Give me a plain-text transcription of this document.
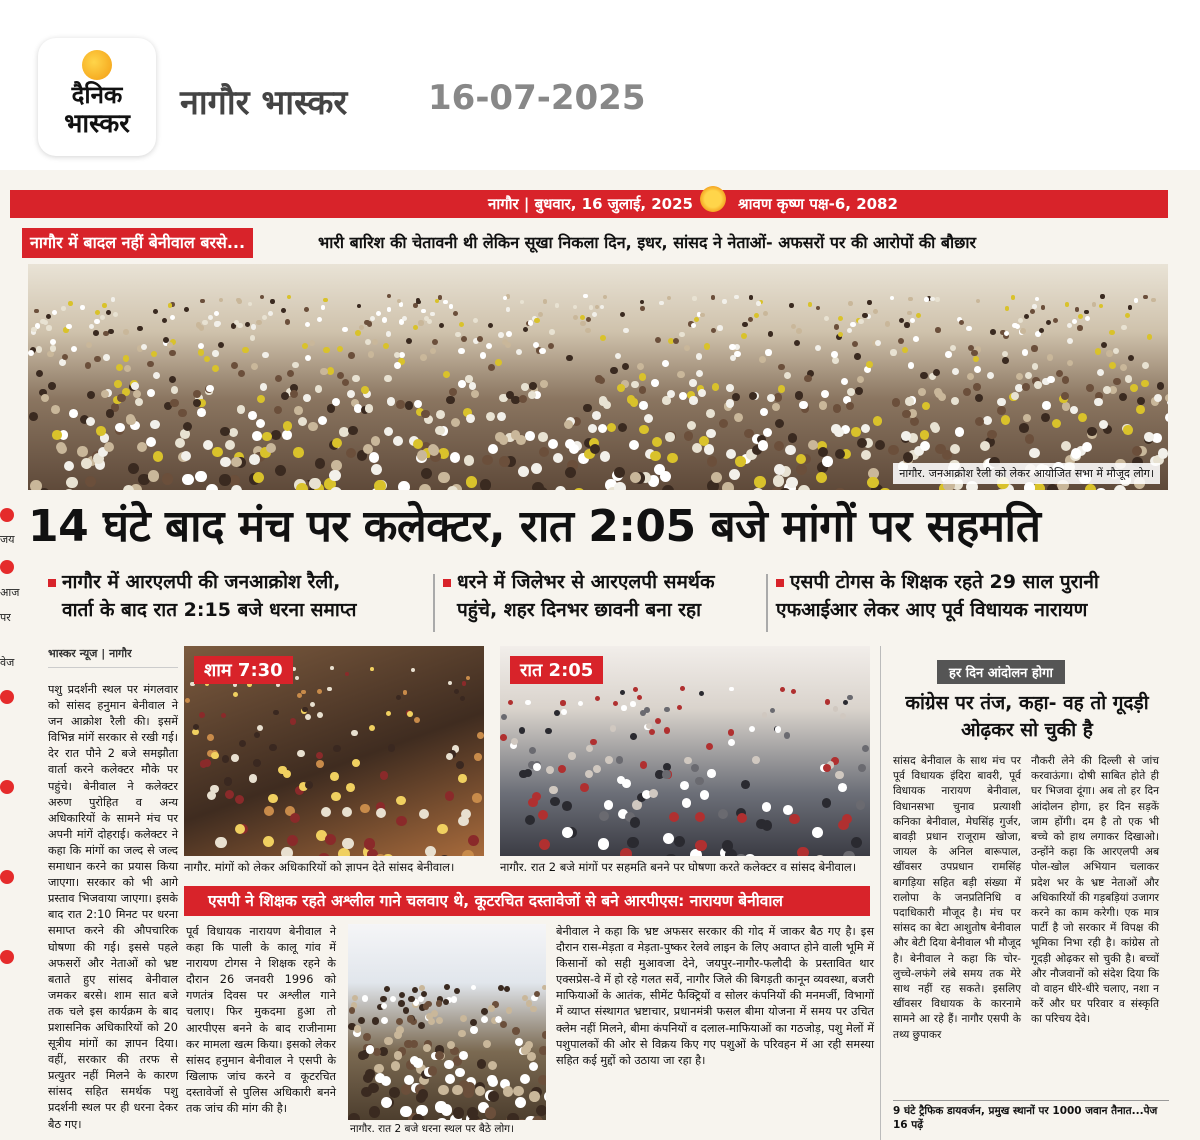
दैनिक
भास्कर
नागौर भास्कर 16-07-2025
जय
आज
पर
वेज
नागौर | बुधवार, 16 जुलाई, 2025	श्रावण कृष्ण पक्ष-6, 2082
नागौर में बादल नहीं बेनीवाल बरसे...	भारी बारिश की चेतावनी थी लेकिन सूखा निकला दिन, इधर, सांसद ने नेताओं- अफसरों पर की आरोपों की बौछार
नागौर. जनआक्रोश रैली को लेकर आयोजित सभा में मौजूद लोग।
14 घंटे बाद मंच पर कलेक्टर, रात 2:05 बजे मांगों पर सहमति
नागौर में आरएलपी की जनआक्रोश रैली,
वार्ता के बाद रात 2:15 बजे धरना समाप्त
धरने में जिलेभर से आरएलपी समर्थक
पहुंचे, शहर दिनभर छावनी बना रहा
एसपी टोगस के शिक्षक रहते 29 साल पुरानी
एफआईआर लेकर आए पूर्व विधायक नारायण
भास्कर न्यूज | नागौर
पशु प्रदर्शनी स्थल पर मंगलवार को सांसद हनुमान बेनीवाल ने जन आक्रोश रैली की। इसमें विभिन्न मांगें सरकार से रखी गई। देर रात पौने 2 बजे समझौता वार्ता करने कलेक्टर मौके पर पहुंचे। बेनीवाल ने कलेक्टर अरुण पुरोहित व अन्य अधिकारियों के सामने मंच पर अपनी मांगें दोहराई। कलेक्टर ने कहा कि मांगों का जल्द से जल्द समाधान करने का प्रयास किया जाएगा। सरकार को भी आगे प्रस्ताव भिजवाया जाएगा। इसके बाद रात 2:10 मिनट पर धरना समाप्त करने की औपचारिक घोषणा की गई। इससे पहले अफसरों और नेताओं को भ्रष्ट बताते हुए सांसद बेनीवाल जमकर बरसे। शाम सात बजे तक चले इस कार्यक्रम के बाद प्रशासनिक अधिकारियों को 20 सूत्रीय मांगों का ज्ञापन दिया। वहीं, सरकार की तरफ से प्रत्युतर नहीं मिलने के कारण सांसद सहित समर्थक पशु प्रदर्शनी स्थल पर ही धरना देकर बैठ गए।
शाम 7:30
नागौर. मांगों को लेकर अधिकारियों को ज्ञापन देते सांसद बेनीवाल।
रात 2:05
नागौर. रात 2 बजे मांगों पर सहमति बनने पर घोषणा करते कलेक्टर व सांसद बेनीवाल।
एसपी ने शिक्षक रहते अश्लील गाने चलवाए थे, कूटरचित दस्तावेजों से बने आरपीएस: नारायण बेनीवाल
पूर्व विधायक नारायण बेनीवाल ने कहा कि पाली के कालू गांव में नारायण टोगस ने शिक्षक रहने के दौरान 26 जनवरी 1996 को गणतंत्र दिवस पर अश्लील गाने चलाए। फिर मुकदमा हुआ तो आरपीएस बनने के बाद राजीनामा कर मामला खत्म किया। इसको लेकर सांसद हनुमान बेनीवाल ने एसपी के खिलाफ जांच करने व कूटरचित दस्तावेजों से पुलिस अधिकारी बनने तक जांच की मांग की है।
नागौर. रात 2 बजे धरना स्थल पर बैठे लोग।
बेनीवाल ने कहा कि भ्रष्ट अफसर सरकार की गोद में जाकर बैठ गए है। इस दौरान रास-मेड़ता व मेड़ता-पुष्कर रेलवे लाइन के लिए अवाप्त होने वाली भूमि में किसानों को सही मुआवजा देने, जयपुर-नागौर-फलौदी के प्रस्तावित थार एक्सप्रेस-वे में हो रहे गलत सर्वे, नागौर जिले की बिगड़ती कानून व्यवस्था, बजरी माफियाओं के आतंक, सीमेंट फैक्ट्रियों व सोलर कंपनियों की मनमर्जी, विभागों में व्याप्त संस्थागत भ्रष्टाचार, प्रधानमंत्री फसल बीमा योजना में समय पर उचित क्लेम नहीं मिलने, बीमा कंपनियों व दलाल-माफियाओं का गठजोड़, पशु मेलों में पशुपालकों की ओर से विक्रय किए गए पशुओं के परिवहन में आ रही समस्या सहित कई मुद्दों को उठाया जा रहा है।
हर दिन आंदोलन होगा
कांग्रेस पर तंज, कहा- वह तो गूदड़ी ओढ़कर सो चुकी है
सांसद बेनीवाल के साथ मंच पर पूर्व विधायक इंदिरा बावरी, पूर्व विधायक नारायण बेनीवाल, विधानसभा चुनाव प्रत्याशी कनिका बेनीवाल, मेघसिंह गुर्जर, बावड़ी प्रधान राजूराम खोजा, जायल के अनिल बारूपाल, खींवसर उपप्रधान रामसिंह बागड़िया सहित बड़ी संख्या में रालोपा के जनप्रतिनिधि व पदाधिकारी मौजूद है। मंच पर सांसद का बेटा आशुतोष बेनीवाल और बेटी दिया बेनीवाल भी मौजूद है। बेनीवाल ने कहा कि चोर-लुच्चे-लफंगे लंबे समय तक मेरे साथ नहीं रह सकते। इसलिए खींवसर विधायक के कारनामे सामने आ रहे हैं। नागौर एसपी के तथ्य छुपाकर
नौकरी लेने की दिल्ली से जांच करवाऊंगा। दोषी साबित होते ही घर भिजवा दूंगा। अब तो हर दिन आंदोलन होगा, हर दिन सड़कें जाम होंगी। दम है तो एक भी बच्चे को हाथ लगाकर दिखाओ। उन्होंने कहा कि आरएलपी अब पोल-खोल अभियान चलाकर प्रदेश भर के भ्रष्ट नेताओं और अधिकारियों की गड़बड़ियां उजागर करने का काम करेगी। एक मात्र पार्टी है जो सरकार में विपक्ष की भूमिका निभा रही है। कांग्रेस तो गूदड़ी ओढ़कर सो चुकी है। बच्चों और नौजवानों को संदेश दिया कि वो वाहन धीरे-धीरे चलाए, नशा न करें और घर परिवार व संस्कृति का परिचय देवे।
9 घंटे ट्रैफिक डायवर्जन, प्रमुख स्थानों पर 1000 जवान तैनात...पेज 16 पढ़ें
